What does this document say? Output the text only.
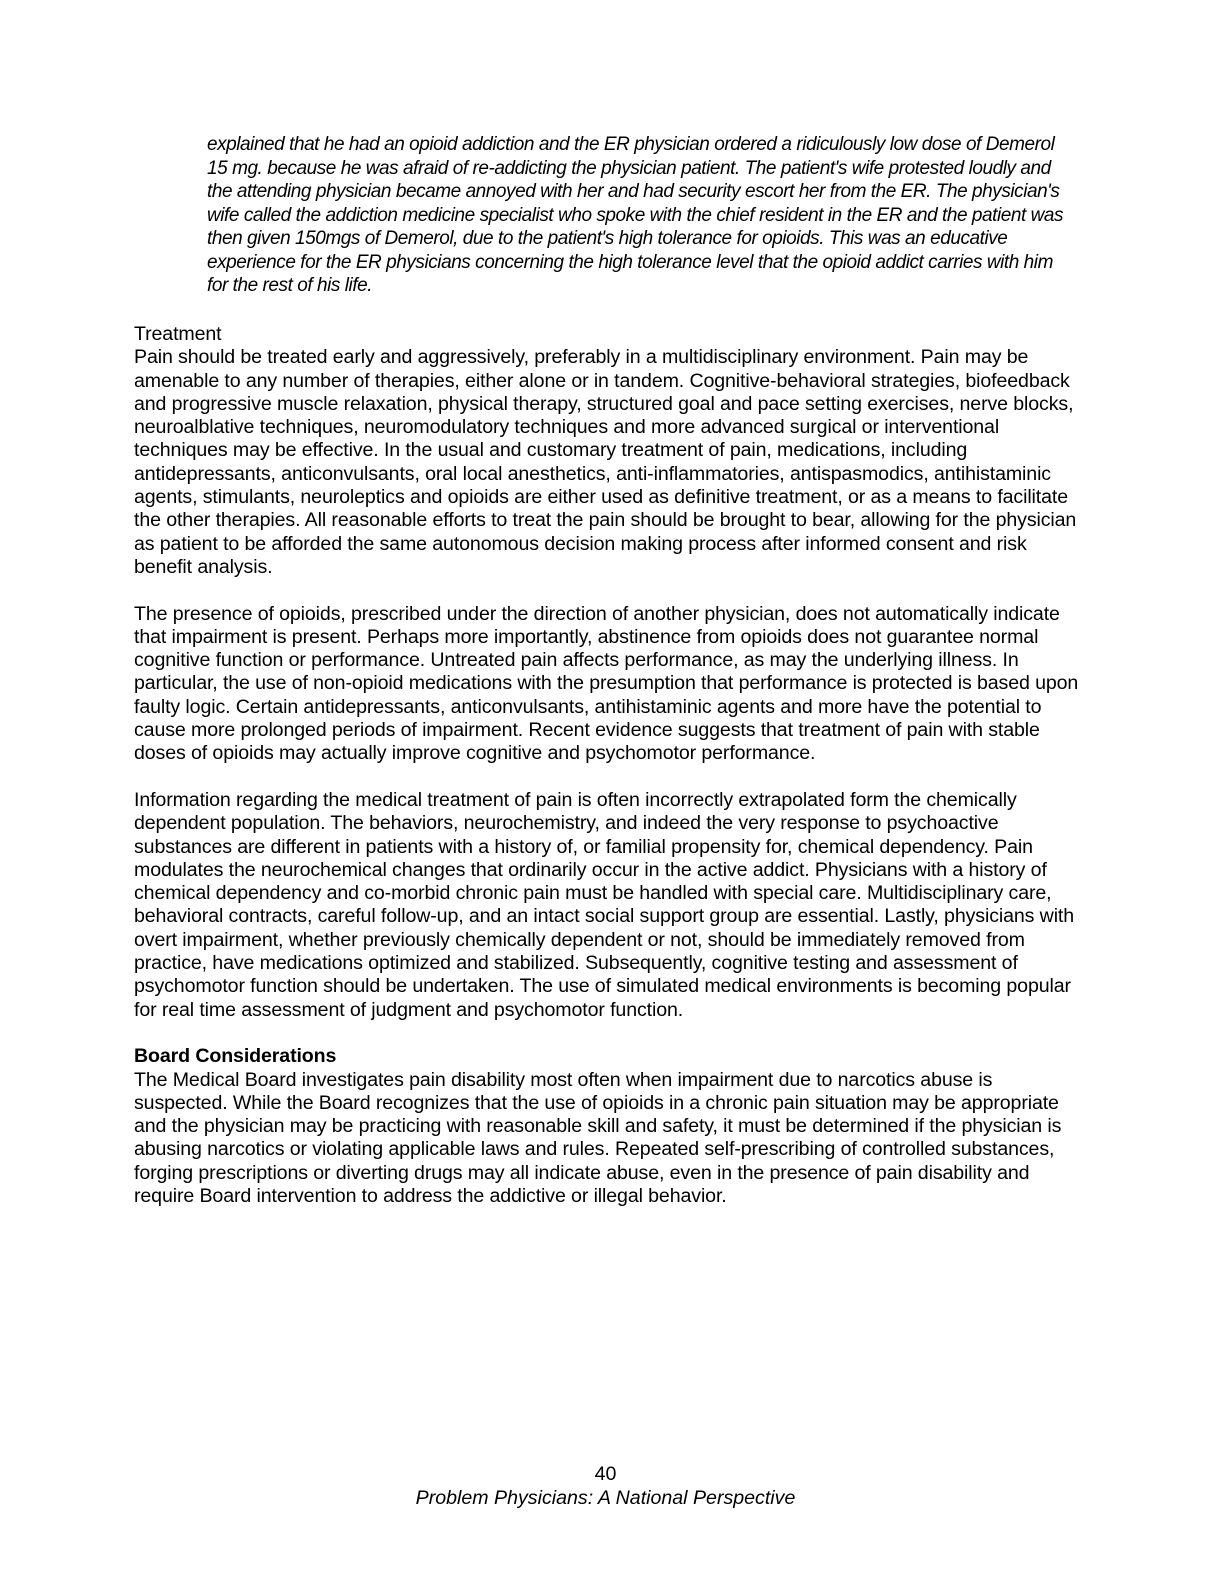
explained that he had an opioid addiction and the ER physician ordered a ridiculously low dose of Demerol 15 mg. because he was afraid of re-addicting the physician patient. The patient's wife protested loudly and the attending physician became annoyed with her and had security escort her from the ER. The physician's wife called the addiction medicine specialist who spoke with the chief resident in the ER and the patient was then given 150mgs of Demerol, due to the patient's high tolerance for opioids. This was an educative experience for the ER physicians concerning the high tolerance level that the opioid addict carries with him for the rest of his life.

Treatment
Pain should be treated early and aggressively, preferably in a multidisciplinary environment. Pain may be amenable to any number of therapies, either alone or in tandem. Cognitive-behavioral strategies, biofeedback and progressive muscle relaxation, physical therapy, structured goal and pace setting exercises, nerve blocks, neuroalblative techniques, neuromodulatory techniques and more advanced surgical or interventional techniques may be effective. In the usual and customary treatment of pain, medications, including antidepressants, anticonvulsants, oral local anesthetics, anti-inflammatories, antispasmodics, antihistaminic agents, stimulants, neuroleptics and opioids are either used as definitive treatment, or as a means to facilitate the other therapies. All reasonable efforts to treat the pain should be brought to bear, allowing for the physician as patient to be afforded the same autonomous decision making process after informed consent and risk benefit analysis.

The presence of opioids, prescribed under the direction of another physician, does not automatically indicate that impairment is present. Perhaps more importantly, abstinence from opioids does not guarantee normal cognitive function or performance. Untreated pain affects performance, as may the underlying illness. In particular, the use of non-opioid medications with the presumption that performance is protected is based upon faulty logic. Certain antidepressants, anticonvulsants, antihistaminic agents and more have the potential to cause more prolonged periods of impairment. Recent evidence suggests that treatment of pain with stable doses of opioids may actually improve cognitive and psychomotor performance.

Information regarding the medical treatment of pain is often incorrectly extrapolated form the chemically dependent population. The behaviors, neurochemistry, and indeed the very response to psychoactive substances are different in patients with a history of, or familial propensity for, chemical dependency. Pain modulates the neurochemical changes that ordinarily occur in the active addict. Physicians with a history of chemical dependency and co-morbid chronic pain must be handled with special care. Multidisciplinary care, behavioral contracts, careful follow-up, and an intact social support group are essential. Lastly, physicians with overt impairment, whether previously chemically dependent or not, should be immediately removed from practice, have medications optimized and stabilized. Subsequently, cognitive testing and assessment of psychomotor function should be undertaken. The use of simulated medical environments is becoming popular for real time assessment of judgment and psychomotor function.

Board Considerations
The Medical Board investigates pain disability most often when impairment due to narcotics abuse is suspected. While the Board recognizes that the use of opioids in a chronic pain situation may be appropriate and the physician may be practicing with reasonable skill and safety, it must be determined if the physician is abusing narcotics or violating applicable laws and rules. Repeated self-prescribing of controlled substances, forging prescriptions or diverting drugs may all indicate abuse, even in the presence of pain disability and require Board intervention to address the addictive or illegal behavior.

40
Problem Physicians: A National Perspective
